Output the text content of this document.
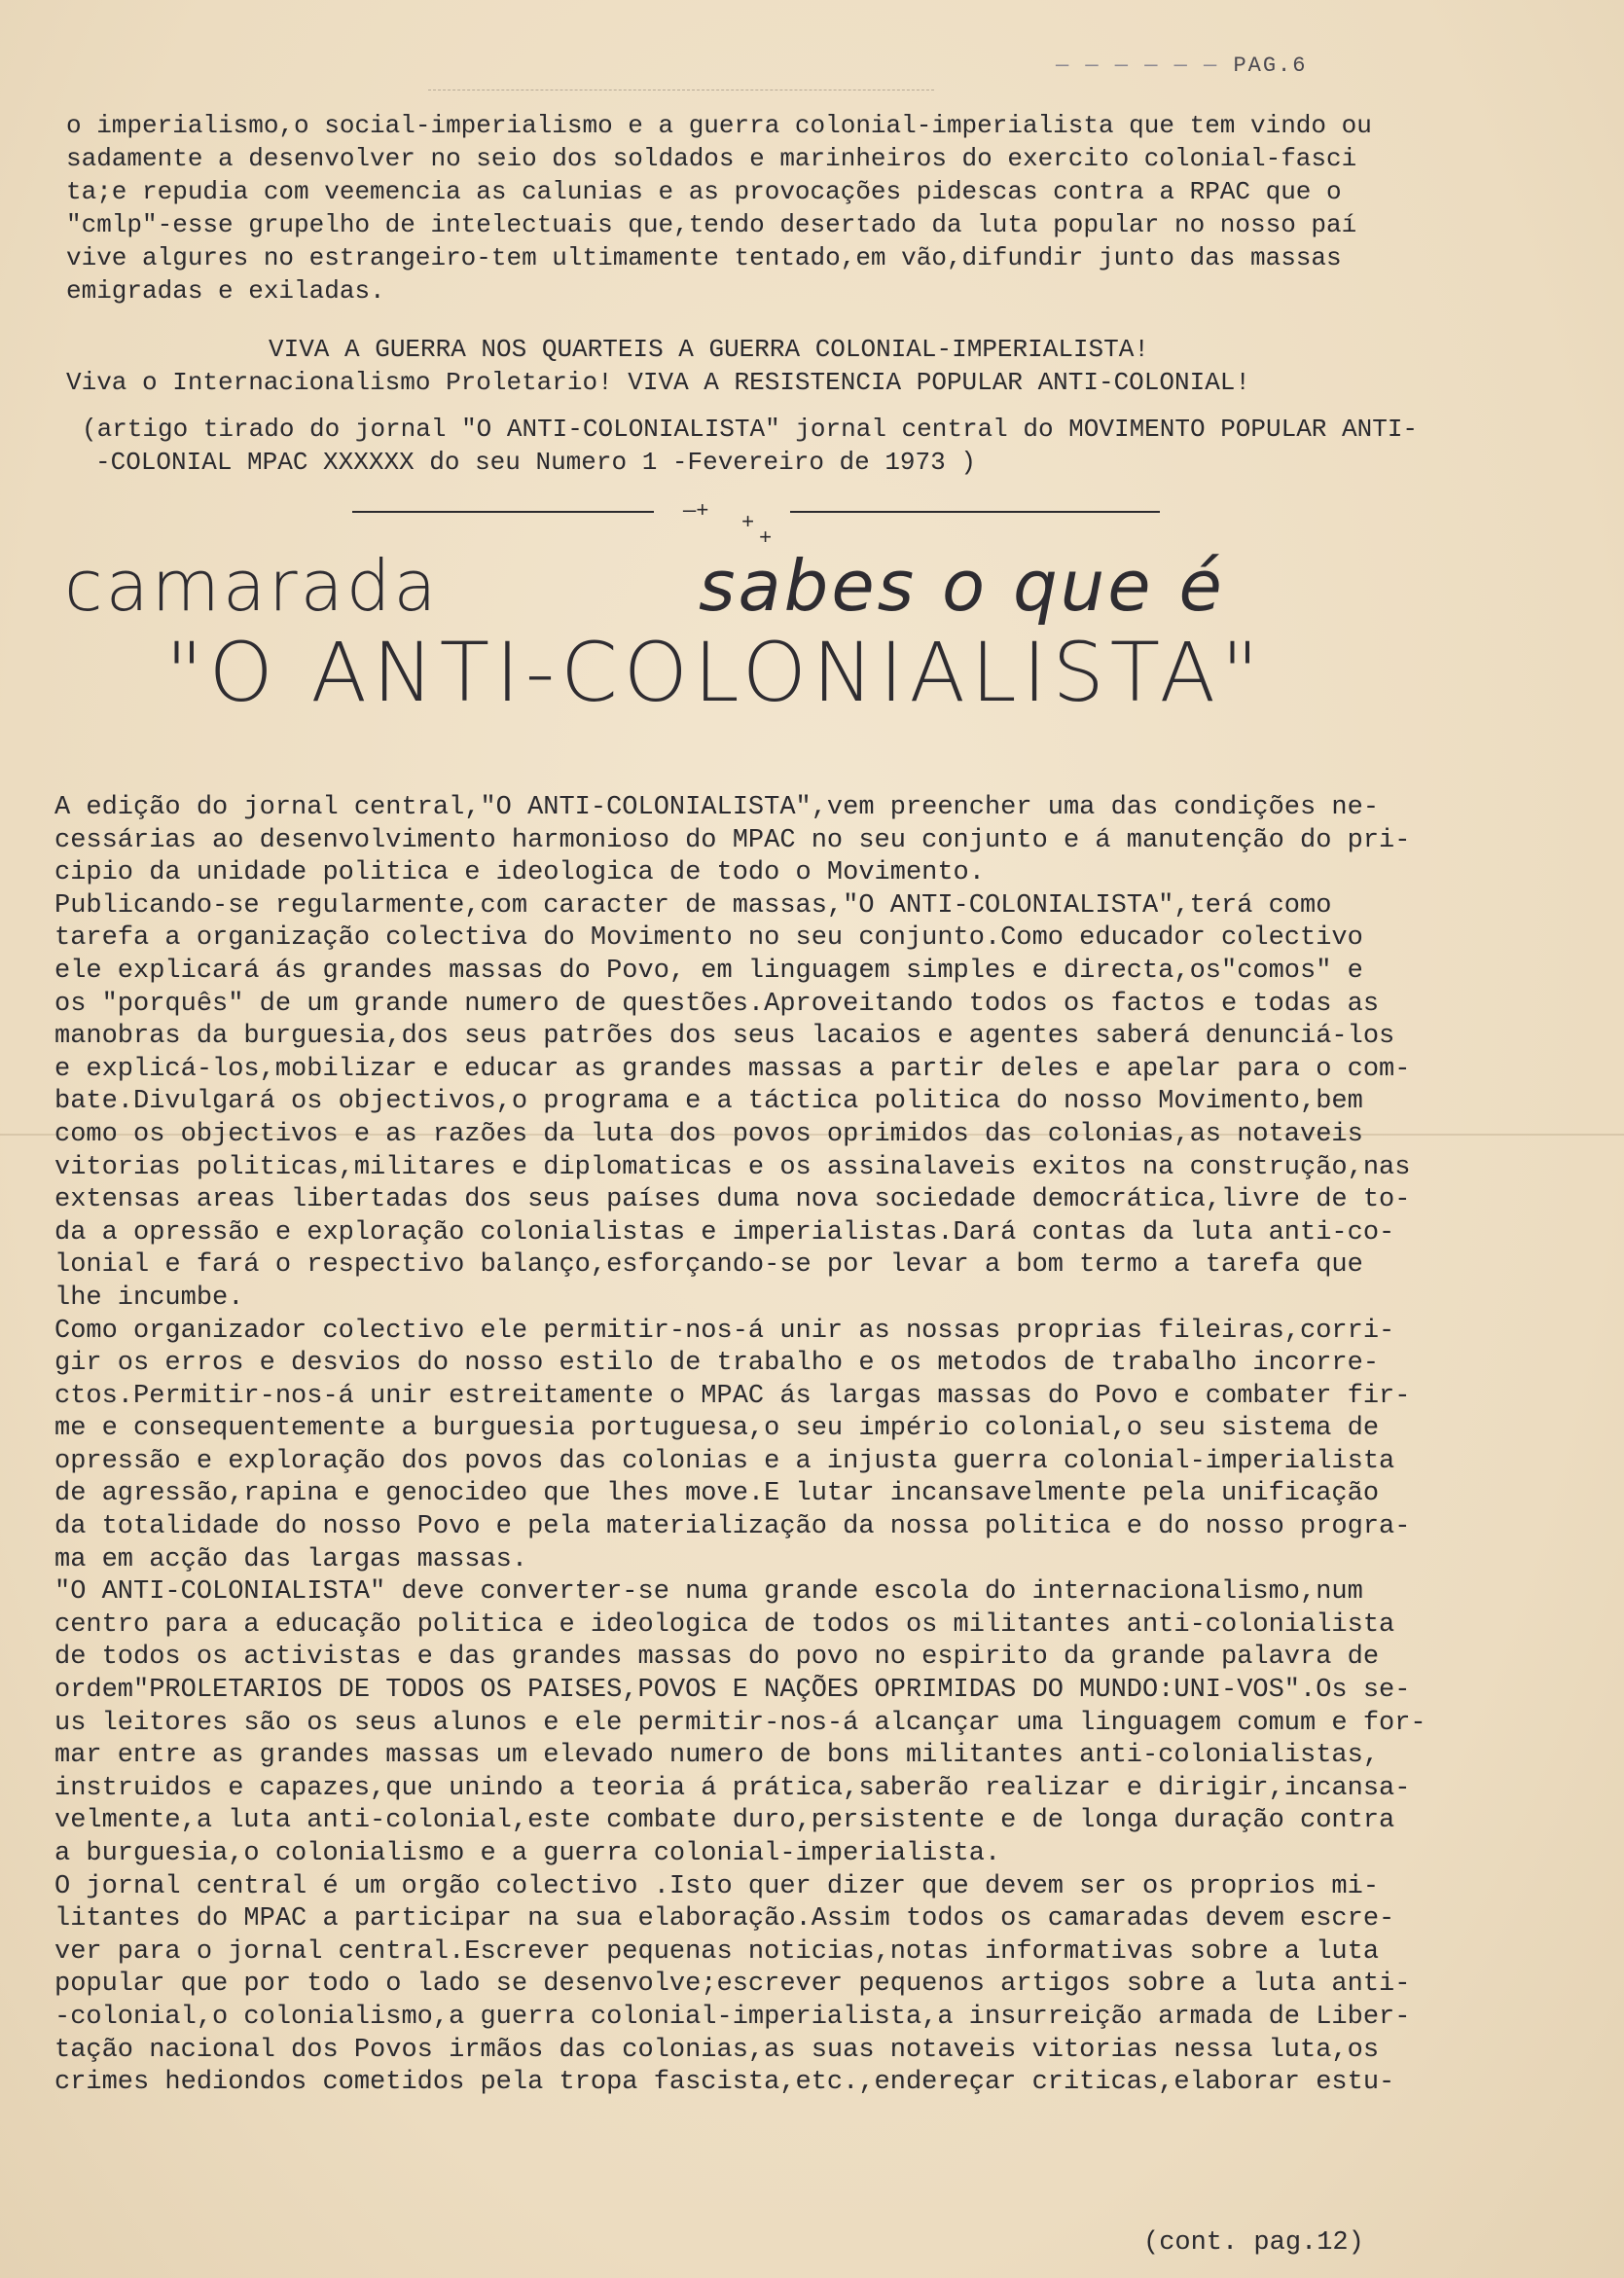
— — — — — — PAG.6
o imperialismo,o social-imperialismo e a guerra colonial-imperialista que tem vindo ou
sadamente a desenvolver no seio dos soldados e marinheiros do exercito colonial-fasci
ta;e repudia com veemencia as calunias e as provocações pidescas contra a RPAC que o
"cmlp"-esse grupelho de intelectuais que,tendo desertado da luta popular no nosso paí
vive algures no estrangeiro-tem ultimamente tentado,em vão,difundir junto das massas
emigradas e exiladas.
VIVA A GUERRA NOS QUARTEIS A GUERRA COLONIAL-IMPERIALISTA!
Viva o Internacionalismo Proletario! VIVA A RESISTENCIA POPULAR ANTI-COLONIAL!
(artigo tirado do jornal "O ANTI-COLONIALISTA" jornal central do MOVIMENTO POPULAR ANTI-
-COLONIAL MPAC XXXXXX do seu Numero 1 -Fevereiro de 1973 )
—+ +
+
camarada	sabes o que é
"O ANTI-COLONIALISTA"
A edição do jornal central,"O ANTI-COLONIALISTA",vem preencher uma das condições ne-
cessárias ao desenvolvimento harmonioso do MPAC no seu conjunto e á manutenção do pri-
cipio da unidade politica e ideologica de todo o Movimento.
Publicando-se regularmente,com caracter de massas,"O ANTI-COLONIALISTA",terá como
tarefa a organização colectiva do Movimento no seu conjunto.Como educador colectivo
ele explicará ás grandes massas do Povo, em linguagem simples e directa,os"comos" e
os "porquês" de um grande numero de questões.Aproveitando todos os factos e todas as
manobras da burguesia,dos seus patrões dos seus lacaios e agentes saberá denunciá-los
e explicá-los,mobilizar e educar as grandes massas a partir deles e apelar para o com-
bate.Divulgará os objectivos,o programa e a táctica politica do nosso Movimento,bem
como os objectivos e as razões da luta dos povos oprimidos das colonias,as notaveis
vitorias politicas,militares e diplomaticas e os assinalaveis exitos na construção,nas
extensas areas libertadas dos seus países duma nova sociedade democrática,livre de to-
da a opressão e exploração colonialistas e imperialistas.Dará contas da luta anti-co-
lonial e fará o respectivo balanço,esforçando-se por levar a bom termo a tarefa que
lhe incumbe.
Como organizador colectivo ele permitir-nos-á unir as nossas proprias fileiras,corri-
gir os erros e desvios do nosso estilo de trabalho e os metodos de trabalho incorre-
ctos.Permitir-nos-á unir estreitamente o MPAC ás largas massas do Povo e combater fir-
me e consequentemente a burguesia portuguesa,o seu império colonial,o seu sistema de
opressão e exploração dos povos das colonias e a injusta guerra colonial-imperialista
de agressão,rapina e genocideo que lhes move.E lutar incansavelmente pela unificação
da totalidade do nosso Povo e pela materialização da nossa politica e do nosso progra-
ma em acção das largas massas.
"O ANTI-COLONIALISTA" deve converter-se numa grande escola do internacionalismo,num
centro para a educação politica e ideologica de todos os militantes anti-colonialista
de todos os activistas e das grandes massas do povo no espirito da grande palavra de
ordem"PROLETARIOS DE TODOS OS PAISES,POVOS E NAÇÕES OPRIMIDAS DO MUNDO:UNI-VOS".Os se-
us leitores são os seus alunos e ele permitir-nos-á alcançar uma linguagem comum e for-
mar entre as grandes massas um elevado numero de bons militantes anti-colonialistas,
instruidos e capazes,que unindo a teoria á prática,saberão realizar e dirigir,incansa-
velmente,a luta anti-colonial,este combate duro,persistente e de longa duração contra
a burguesia,o colonialismo e a guerra colonial-imperialista.
O jornal central é um orgão colectivo .Isto quer dizer que devem ser os proprios mi-
litantes do MPAC a participar na sua elaboração.Assim todos os camaradas devem escre-
ver para o jornal central.Escrever pequenas noticias,notas informativas sobre a luta
popular que por todo o lado se desenvolve;escrever pequenos artigos sobre a luta anti-
-colonial,o colonialismo,a guerra colonial-imperialista,a insurreição armada de Liber-
tação nacional dos Povos irmãos das colonias,as suas notaveis vitorias nessa luta,os
crimes hediondos cometidos pela tropa fascista,etc.,endereçar criticas,elaborar estu-
(cont. pag.12)
